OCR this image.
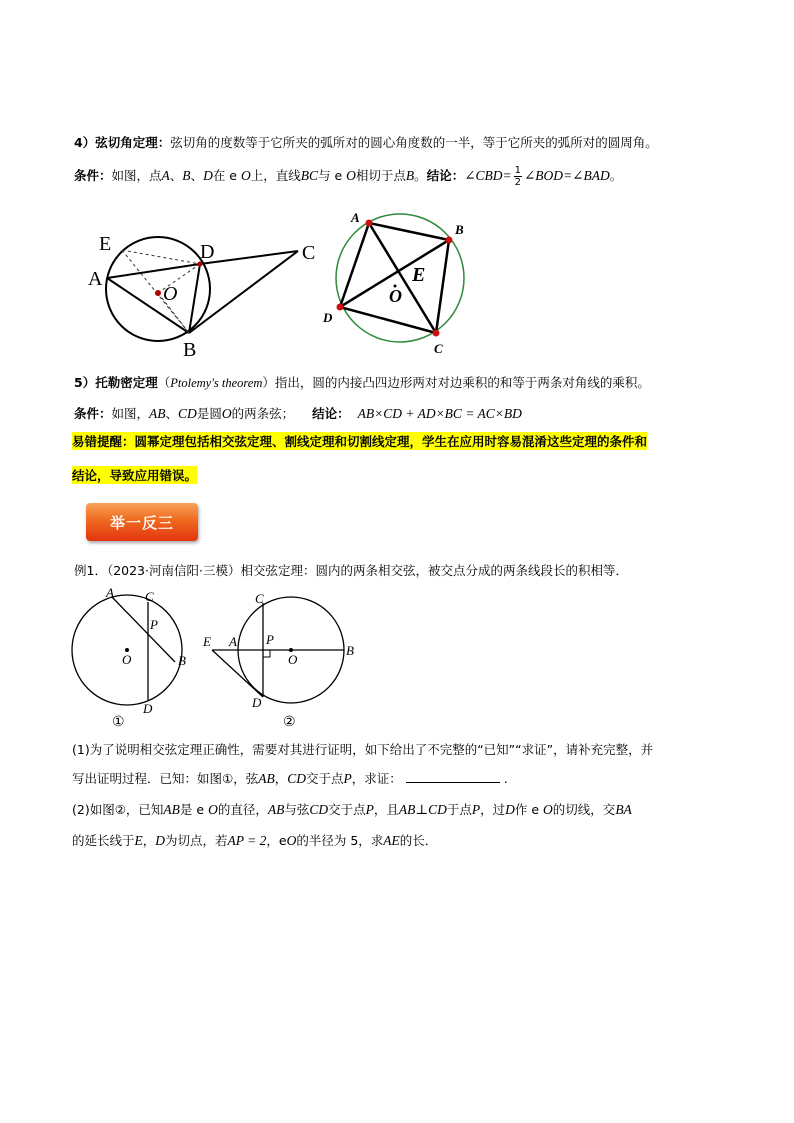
4）弦切角定理：弦切角的度数等于它所夹的弧所对的圆心角度数的一半，等于它所夹的弧所对的圆周角。
条件：如图，点A、B、D在 e O上，直线BC与 e O相切于点B。结论：∠CBD= $\frac{1}{2}$ ∠BOD=∠BAD。
E	D	C
A
O
B
A
B
E
O
D
C
5）托勒密定理（Ptolemy's theorem）指出，圆的内接凸四边形两对对边乘积的和等于两条对角线的乘积。
条件：如图，AB、CD是圆O的两条弦； 结论： AB×CD + AD×BC = AC×BD
易错提醒：圆幂定理包括相交弦定理、割线定理和切割线定理，学生在应用时容易混淆这些定理的条件和
结论，导致应用错误。
举一反三
例1．（2023·河南信阳·三模）相交弦定理：圆内的两条相交弦，被交点分成的两条线段长的积相等．
A C
P
O	B
D
①
C
E A P
O
B
D
②
(1)为了说明相交弦定理正确性，需要对其进行证明，如下给出了不完整的“已知”“求证”，请补充完整，并
写出证明过程．已知：如图①，弦AB，CD交于点P，求证：	.
(2)如图②，已知AB是 e O的直径，AB与弦CD交于点P，且AB⊥CD于点P，过D作 e O的切线，交BA
的延长线于E，D为切点，若AP = 2，eO的半径为 5，求AE的长．
